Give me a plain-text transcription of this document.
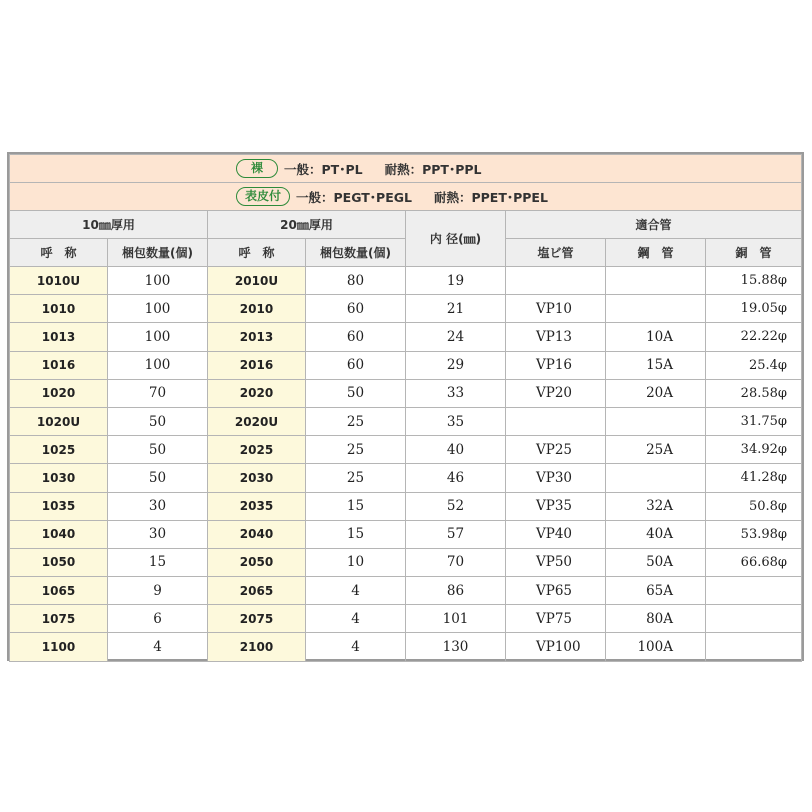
裸 一般：PT･PL 耐熱：PPT･PPL							

表皮付 一般：PEGT･PEGL 耐熱：PPET･PPEL							

10㎜厚用		20㎜厚用		内 径(㎜)	適合管		
呼　称	梱包数量(個)	呼　称	梱包数量(個)		塩ビ管	鋼　管	銅　管
1010U	100	2010U	80	19			15.88φ
1010	100	2010	60	21	VP10		19.05φ
1013	100	2013	60	24	VP13	10A	22.22φ
1016	100	2016	60	29	VP16	15A	25.4φ
1020	70	2020	50	33	VP20	20A	28.58φ
1020U	50	2020U	25	35			31.75φ
1025	50	2025	25	40	VP25	25A	34.92φ
1030	50	2030	25	46	VP30		41.28φ
1035	30	2035	15	52	VP35	32A	50.8φ
1040	30	2040	15	57	VP40	40A	53.98φ
1050	15	2050	10	70	VP50	50A	66.68φ
1065	9	2065	4	86	VP65	65A	
1075	6	2075	4	101	VP75	80A	
1100	4	2100	4	130	VP100	100A	
